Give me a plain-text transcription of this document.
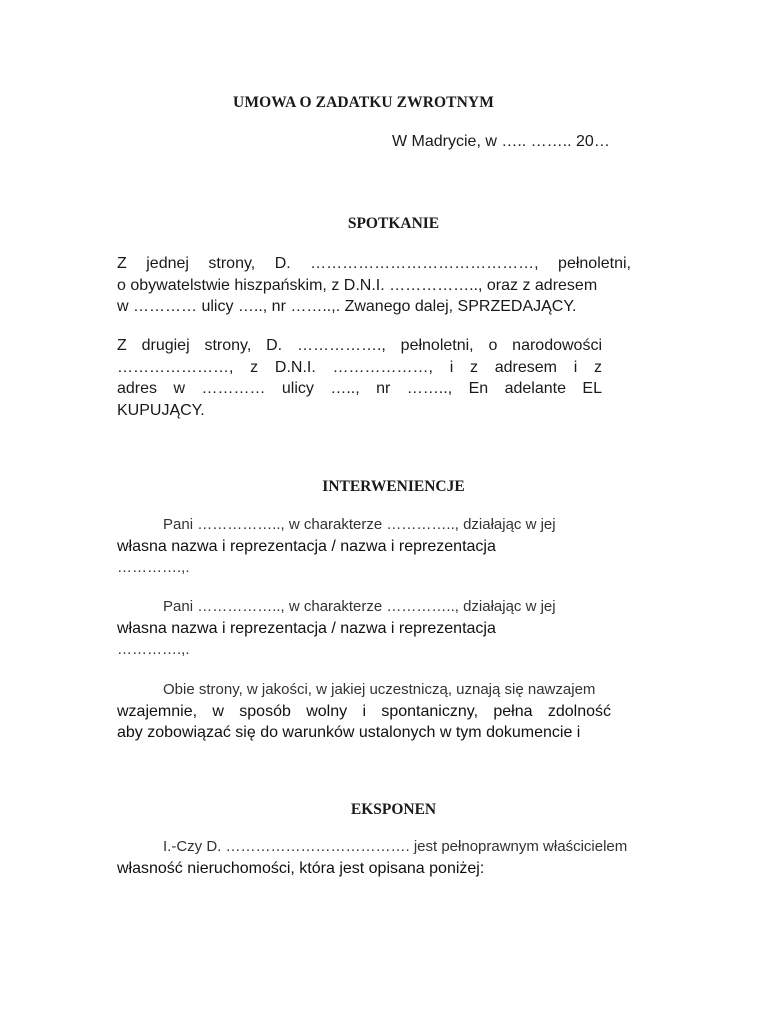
UMOWA O ZADATKU ZWROTNYM
W Madrycie, w ….. …….. 20…
SPOTKANIE
Z jednej strony, D. ……………………………………, pełnoletni,
o obywatelstwie hiszpańskim, z D.N.I. …………….., oraz z adresem
w ………… ulicy ….., nr ……..,. Zwanego dalej, SPRZEDAJĄCY.
Z drugiej strony, D. ……………., pełnoletni, o narodowości
…………………, z D.N.I. ………………, i z adresem i z
adres w ………… ulicy ….., nr …….., En adelante EL
KUPUJĄCY.
INTERWENIENCJE
Pani …………….., w charakterze ………….., działając w jej
własna nazwa i reprezentacja / nazwa i reprezentacja
………….,.
Pani …………….., w charakterze ………….., działając w jej
własna nazwa i reprezentacja / nazwa i reprezentacja
………….,.
Obie strony, w jakości, w jakiej uczestniczą, uznają się nawzajem
wzajemnie, w sposób wolny i spontaniczny, pełna zdolność
aby zobowiązać się do warunków ustalonych w tym dokumencie i
EKSPONEN
I.-Czy D. ………………………………. jest pełnoprawnym właścicielem
własność nieruchomości, która jest opisana poniżej:
